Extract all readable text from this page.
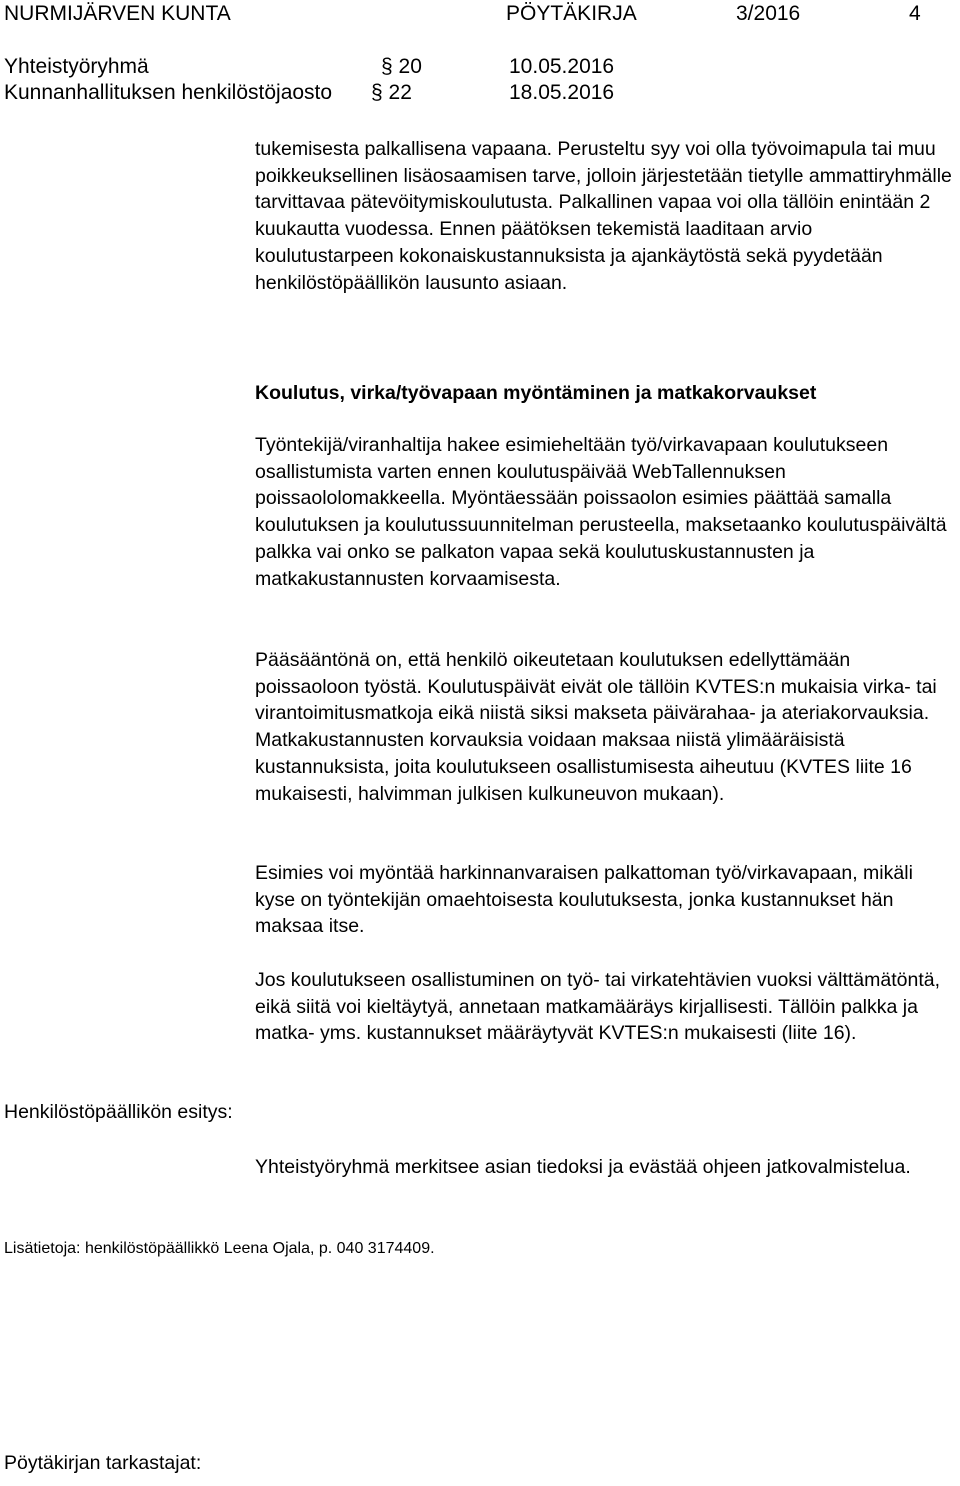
NURMIJÄRVEN KUNTA	PÖYTÄKIRJA	3/2016	4
Yhteistyöryhmä	§ 20	10.05.2016
Kunnanhallituksen henkilöstöjaosto § 22	18.05.2016
tukemisesta palkallisena vapaana. Perusteltu syy voi olla työvoimapula tai muu poikkeuksellinen lisäosaamisen tarve, jolloin järjestetään tietylle ammattiryhmälle tarvittavaa pätevöitymiskoulutusta. Palkallinen vapaa voi olla tällöin enintään 2 kuukautta vuodessa. Ennen päätöksen tekemistä laaditaan arvio koulutustarpeen kokonaiskustannuksista ja ajankäytöstä sekä pyydetään henkilöstöpäällikön lausunto asiaan.
Koulutus, virka/työvapaan myöntäminen ja matkakorvaukset
Työntekijä/viranhaltija hakee esimieheltään työ/virkavapaan koulutukseen osallistumista varten ennen koulutuspäivää WebTallennuksen poissaololomakkeella. Myöntäessään poissaolon esimies päättää samalla koulutuksen ja koulutussuunnitelman perusteella, maksetaanko koulutuspäivältä palkka vai onko se palkaton vapaa sekä koulutuskustannusten ja matkakustannusten korvaamisesta.
Pääsääntönä on, että henkilö oikeutetaan koulutuksen edellyttämään poissaoloon työstä. Koulutuspäivät eivät ole tällöin KVTES:n mukaisia virka- tai virantoimitusmatkoja eikä niistä siksi makseta päivärahaa- ja ateriakorvauksia. Matkakustannusten korvauksia voidaan maksaa niistä ylimääräisistä kustannuksista, joita koulutukseen osallistumisesta aiheutuu (KVTES liite 16 mukaisesti, halvimman julkisen kulkuneuvon mukaan).
Esimies voi myöntää harkinnanvaraisen palkattoman työ/virkavapaan, mikäli kyse on työntekijän omaehtoisesta koulutuksesta, jonka kustannukset hän maksaa itse.
Jos koulutukseen osallistuminen on työ- tai virkatehtävien vuoksi välttämätöntä, eikä siitä voi kieltäytyä, annetaan matkamääräys kirjallisesti. Tällöin palkka ja matka- yms. kustannukset määräytyvät KVTES:n mukaisesti (liite 16).
Henkilöstöpäällikön esitys:
Yhteistyöryhmä merkitsee asian tiedoksi ja evästää ohjeen jatkovalmistelua.
Lisätietoja: henkilöstöpäällikkö Leena Ojala, p. 040 3174409.
Pöytäkirjan tarkastajat:
